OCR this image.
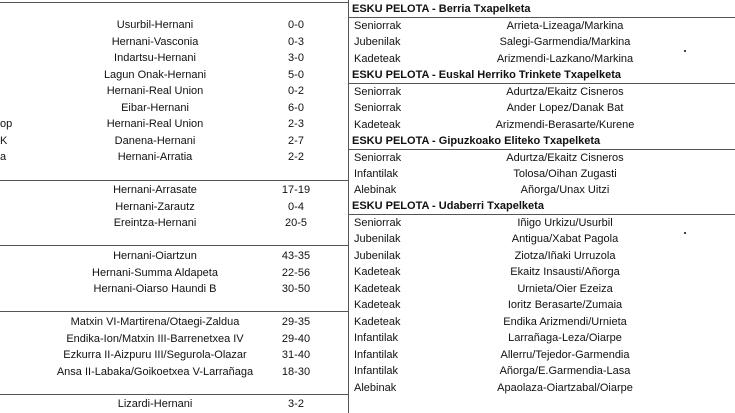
Usurbil-Hernani	0-0
Hernani-Vasconia	0-3
Indartsu-Hernani	3-0
Lagun Onak-Hernani	5-0
Hernani-Real Union	0-2
Eibar-Hernani	6-0
op	Hernani-Real Union	2-3
K	Danena-Hernani	2-7
a	Hernani-Arratia	2-2
Hernani-Arrasate	17-19
Hernani-Zarautz	0-4
Ereintza-Hernani	20-5
Hernani-Oiartzun	43-35
Hernani-Summa Aldapeta	22-56
Hernani-Oiarso Haundi B	30-50
Matxin VI-Martirena/Otaegi-Zaldua	29-35
Endika-Ion/Matxin III-Barrenetxea IV	29-40
Ezkurra II-Aizpuru III/Segurola-Olazar	31-40
Ansa II-Labaka/Goikoetxea V-Larrañaga	18-30
Lizardi-Hernani	3-2
ESKU PELOTA - Berria Txapelketa
Seniorrak	Arrieta-Lizeaga/Markina
Jubenilak	Salegi-Garmendia/Markina
Kadeteak	Arizmendi-Lazkano/Markina
ESKU PELOTA - Euskal Herriko Trinkete Txapelketa
Seniorrak	Adurtza/Ekaitz Cisneros
Seniorrak	Ander Lopez/Danak Bat
Kadeteak	Arizmendi-Berasarte/Kurene
ESKU PELOTA - Gipuzkoako Eliteko Txapelketa
Seniorrak	Adurtza/Ekaitz Cisneros
Infantilak	Tolosa/Oihan Zugasti
Alebinak	Añorga/Unax Uitzi
ESKU PELOTA - Udaberri Txapelketa
Seniorrak	Iñigo Urkizu/Usurbil
Jubenilak	Antigua/Xabat Pagola
Jubenilak	Ziotza/Iñaki Urruzola
Kadeteak	Ekaitz Insausti/Añorga
Kadeteak	Urnieta/Oier Ezeiza
Kadeteak	Ioritz Berasarte/Zumaia
Kadeteak	Endika Arizmendi/Urnieta
Infantilak	Larrañaga-Leza/Oiarpe
Infantilak	Allerru/Tejedor-Garmendia
Infantilak	Añorga/E.Garmendia-Lasa
Alebinak	Apaolaza-Oiartzabal/Oiarpe
